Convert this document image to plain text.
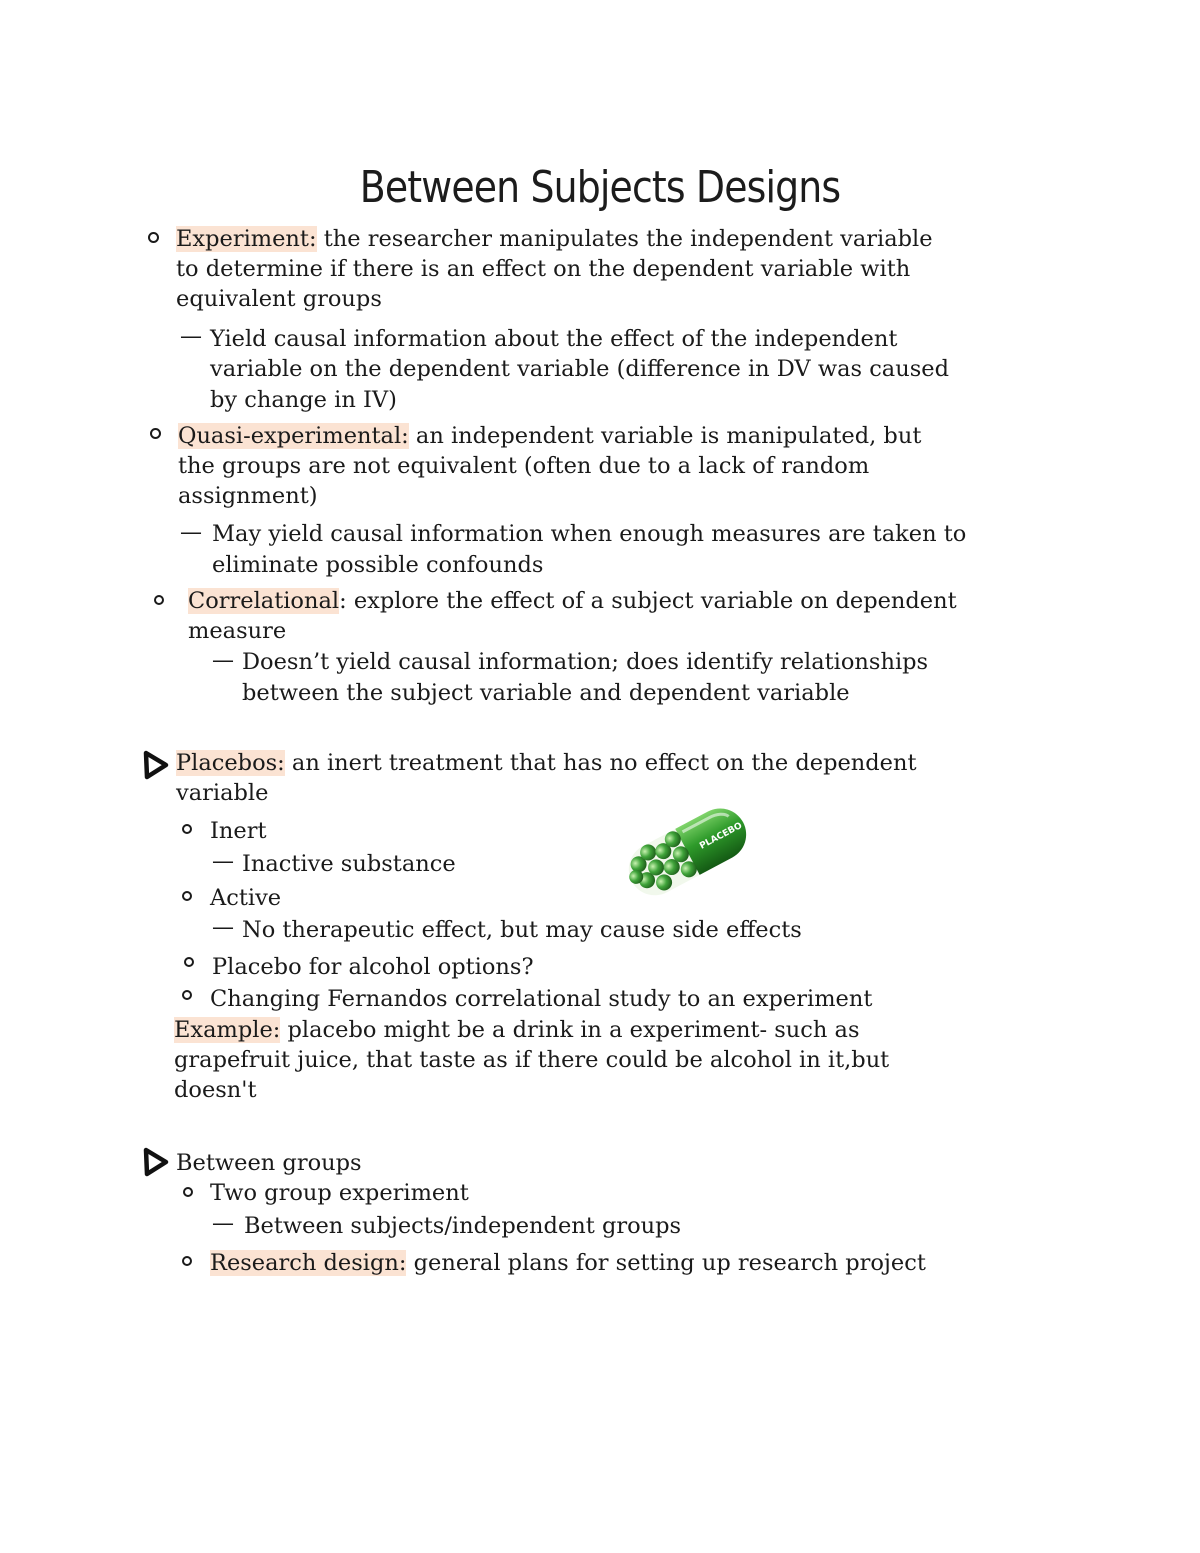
Between Subjects Designs
Experiment: the researcher manipulates the independent variable
to determine if there is an effect on the dependent variable with
equivalent groups
— Yield causal information about the effect of the independent
variable on the dependent variable (difference in DV was caused
by change in IV)
Quasi-experimental: an independent variable is manipulated, but
the groups are not equivalent (often due to a lack of random
assignment)
— May yield causal information when enough measures are taken to
eliminate possible confounds
Correlational: explore the effect of a subject variable on dependent
measure
— Doesn’t yield causal information; does identify relationships
between the subject variable and dependent variable
Placebos: an inert treatment that has no effect on the dependent
variable
Inert
— Inactive substance
Active
— No therapeutic effect, but may cause side effects
Placebo for alcohol options?
Changing Fernandos correlational study to an experiment
Example: placebo might be a drink in a experiment- such as
grapefruit juice, that taste as if there could be alcohol in it,but
doesn't
PLACEBO
Between groups
Two group experiment
— Between subjects/independent groups
Research design: general plans for setting up research project
